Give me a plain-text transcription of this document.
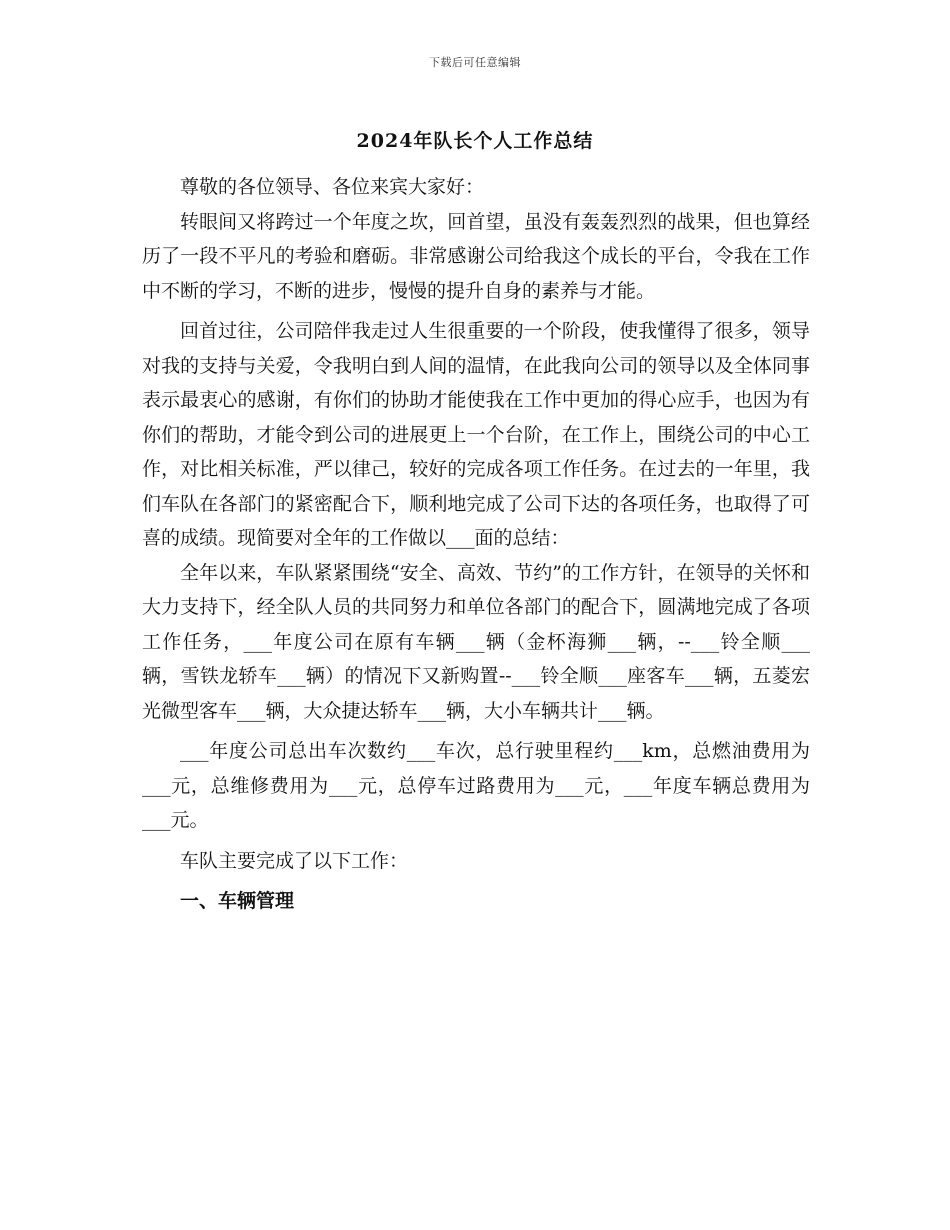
下载后可任意编辑
2024年队长个人工作总结

尊敬的各位领导、各位来宾大家好：

转眼间又将跨过一个年度之坎，回首望，虽没有轰轰烈烈的战果，但也算经历了一段不平凡的考验和磨砺。非常感谢公司给我这个成长的平台，令我在工作中不断的学习，不断的进步，慢慢的提升自身的素养与才能。

回首过往，公司陪伴我走过人生很重要的一个阶段，使我懂得了很多，领导对我的支持与关爱，令我明白到人间的温情，在此我向公司的领导以及全体同事表示最衷心的感谢，有你们的协助才能使我在工作中更加的得心应手，也因为有你们的帮助，才能令到公司的进展更上一个台阶，在工作上，围绕公司的中心工作，对比相关标准，严以律己，较好的完成各项工作任务。在过去的一年里，我们车队在各部门的紧密配合下，顺利地完成了公司下达的各项任务，也取得了可喜的成绩。现简要对全年的工作做以___面的总结：

全年以来，车队紧紧围绕“安全、高效、节约”的工作方针，在领导的关怀和大力支持下，经全队人员的共同努力和单位各部门的配合下，圆满地完成了各项工作任务，___年度公司在原有车辆___辆（金杯海狮___辆，--___铃全顺___辆，雪铁龙轿车___辆）的情况下又新购置--___铃全顺___座客车___辆，五菱宏光微型客车___辆，大众捷达轿车___辆，大小车辆共计___辆。

___年度公司总出车次数约___车次，总行驶里程约___km，总燃油费用为___元，总维修费用为___元，总停车过路费用为___元，___年度车辆总费用为___元。

车队主要完成了以下工作：

一、车辆管理
